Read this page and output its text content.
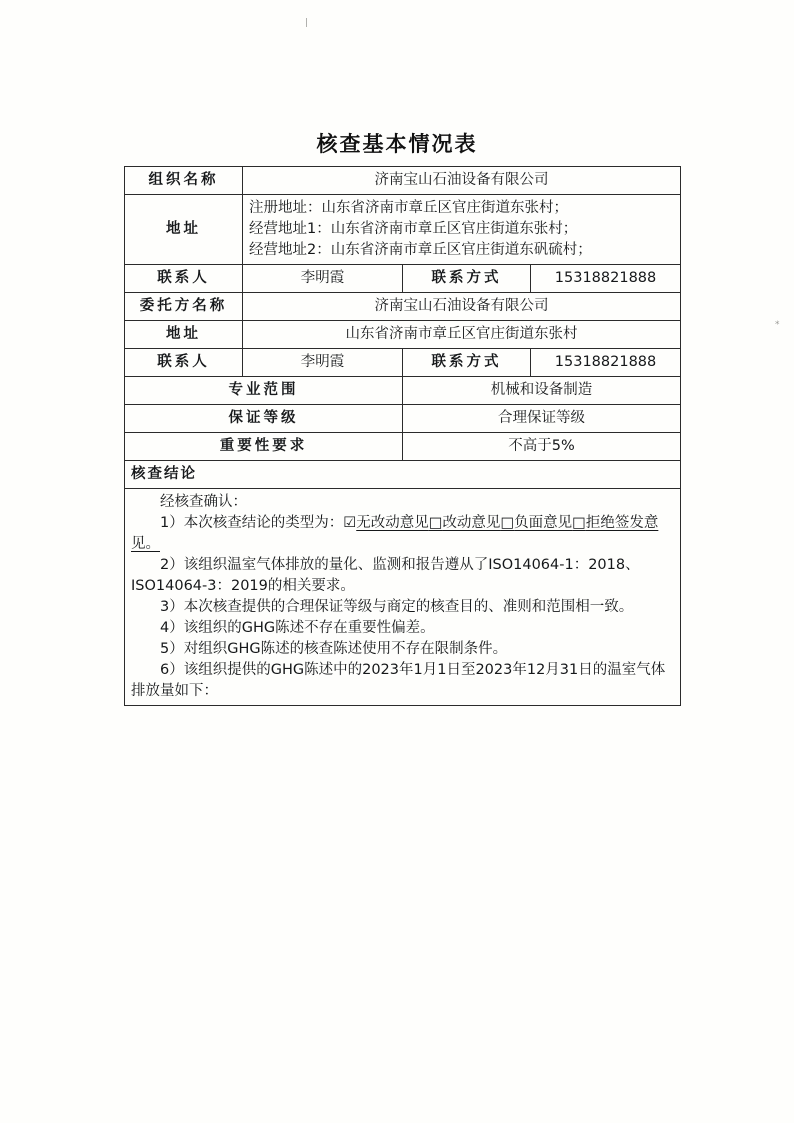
|
*
核查基本情况表
组织名称	济南宝山石油设备有限公司		
地址	注册地址：山东省济南市章丘区官庄街道东张村；
经营地址1：山东省济南市章丘区官庄街道东张村；
经营地址2：山东省济南市章丘区官庄街道东矾硫村；		

联系人	李明霞	联系方式	15318821888
委托方名称	济南宝山石油设备有限公司		
地址	山东省济南市章丘区官庄街道东张村		
联系人	李明霞	联系方式	15318821888
专业范围		机械和设备制造	
保证等级		合理保证等级	
重要性要求		不高于5%	
核查结论			

经核查确认：

1）本次核查结论的类型为：☑无改动意见□改动意见□负面意见□拒绝签发意见。

2）该组织温室气体排放的量化、监测和报告遵从了ISO14064-1：2018、ISO14064-3：2019的相关要求。

3）本次核查提供的合理保证等级与商定的核查目的、准则和范围相一致。

4）该组织的GHG陈述不存在重要性偏差。

5）对组织GHG陈述的核查陈述使用不存在限制条件。

6）该组织提供的GHG陈述中的2023年1月1日至2023年12月31日的温室气体排放量如下：
